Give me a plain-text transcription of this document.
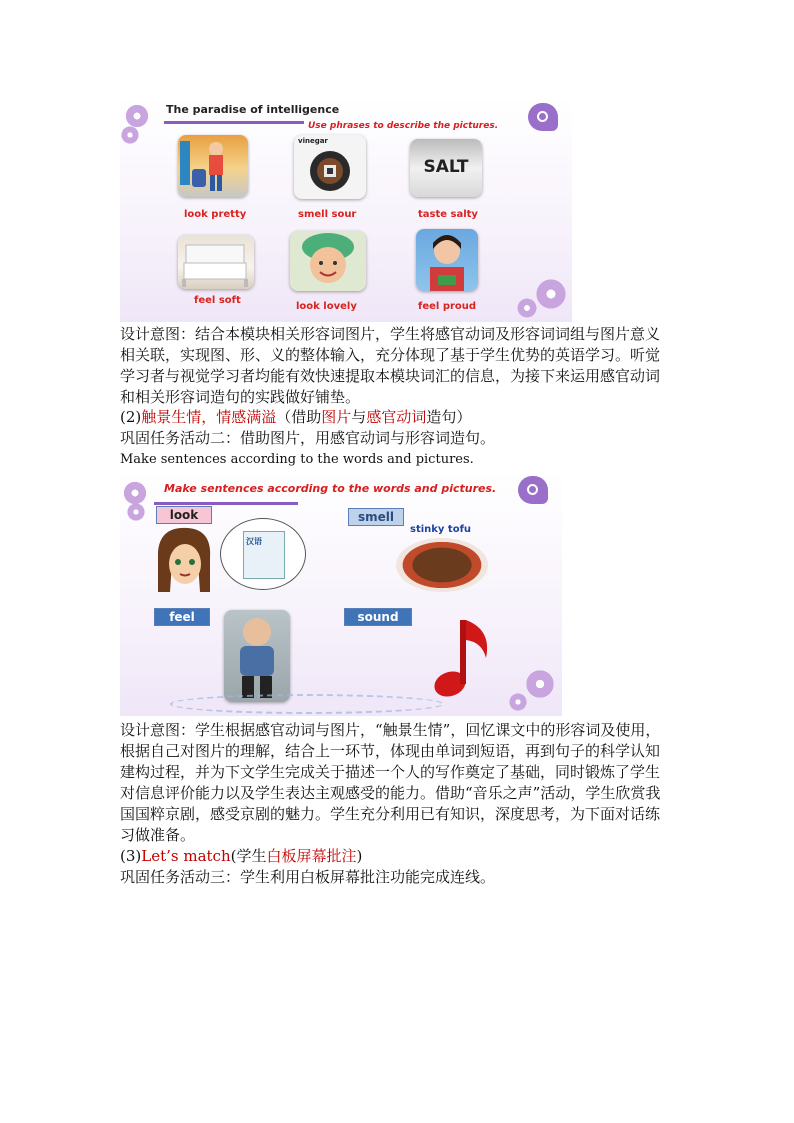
The paradise of intelligence
Use phrases to describe the pictures.
vinegar
SALT
look pretty	smell sour	taste salty
feel soft
look lovely	feel proud
设计意图：结合本模块相关形容词图片，学生将感官动词及形容词词组与图片意义相关联，实现图、形、义的整体输入，充分体现了基于学生优势的英语学习。听觉学习者与视觉学习者均能有效快速提取本模块词汇的信息，为接下来运用感官动词和相关形容词造句的实践做好铺垫。
(2)触景生情，情感满溢（借助图片与感官动词造句）
巩固任务活动二：借助图片，用感官动词与形容词造句。
Make sentences according to the words and pictures.
Make sentences according to the words and pictures.
look	smell
feel	sound
汉语
stinky tofu
设计意图：学生根据感官动词与图片，“触景生情”，回忆课文中的形容词及使用，根据自己对图片的理解，结合上一环节，体现由单词到短语，再到句子的科学认知建构过程，并为下文学生完成关于描述一个人的写作奠定了基础，同时锻炼了学生对信息评价能力以及学生表达主观感受的能力。借助“音乐之声”活动，学生欣赏我国国粹京剧，感受京剧的魅力。学生充分利用已有知识，深度思考，为下面对话练习做准备。
(3)Let’s match(学生白板屏幕批注)
巩固任务活动三：学生利用白板屏幕批注功能完成连线。
